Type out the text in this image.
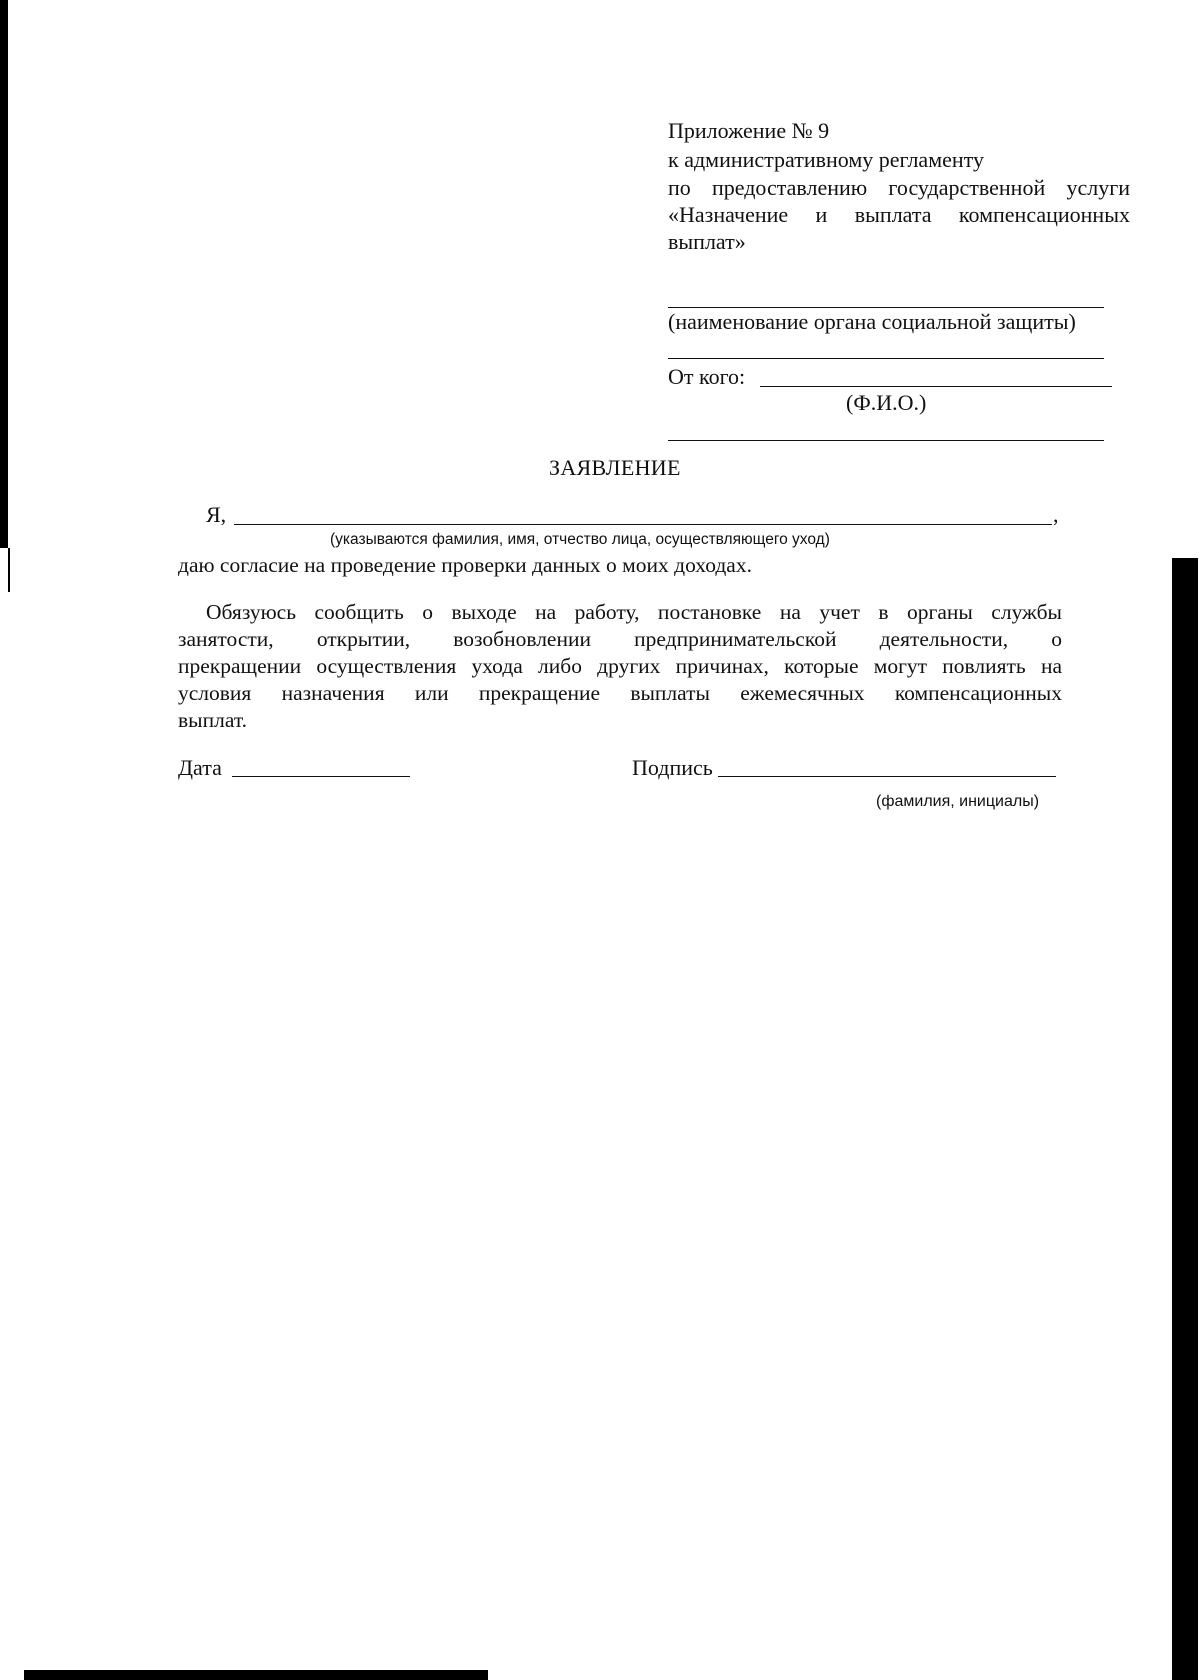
Приложение № 9
к административному регламенту
по предоставлению государственной услуги
«Назначение и выплата компенсационных
выплат»
(наименование органа социальной защиты)
От кого:
(Ф.И.О.)
ЗАЯВЛЕНИЕ
Я,	,
(указываются фамилия, имя, отчество лица, осуществляющего уход)
даю согласие на проведение проверки данных о моих доходах.
Обязуюсь сообщить о выходе на работу, постановке на учет в органы службы
занятости, открытии, возобновлении предпринимательской деятельности, о
прекращении осуществления ухода либо других причинах, которые могут повлиять на
условия назначения или прекращение выплаты ежемесячных компенсационных
выплат.
Дата	Подпись
(фамилия, инициалы)
